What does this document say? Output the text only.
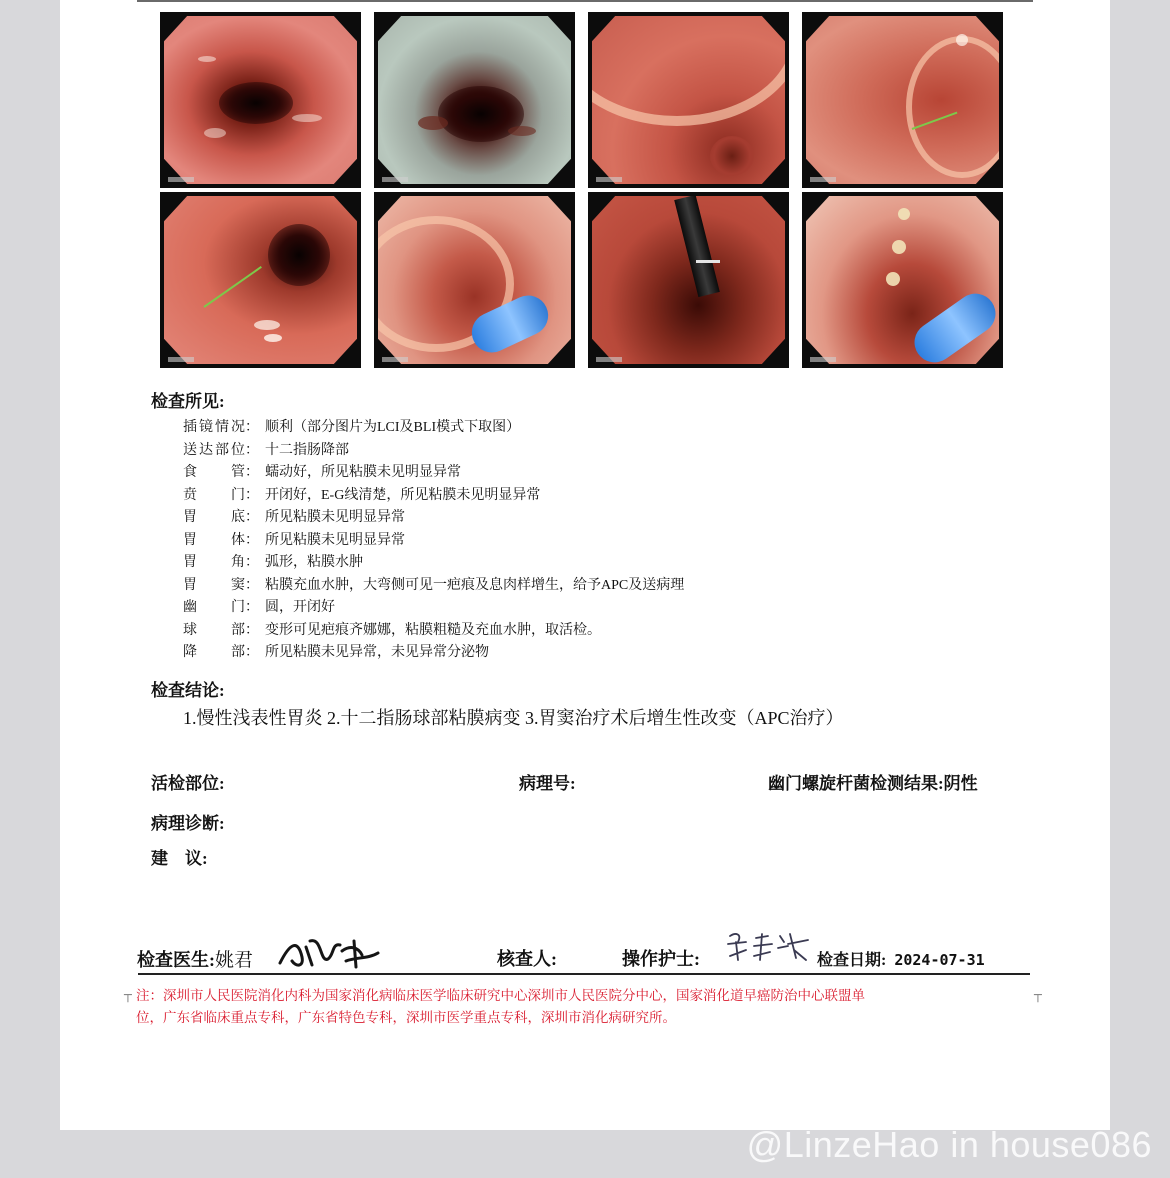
检查所见:
插镜情况： 顺利（部分图片为LCI及BLI模式下取图）
送达部位： 十二指肠降部
食管： 蠕动好，所见粘膜未见明显异常
贲门： 开闭好，E-G线清楚，所见粘膜未见明显异常
胃底： 所见粘膜未见明显异常
胃体： 所见粘膜未见明显异常
胃角： 弧形，粘膜水肿
胃窦： 粘膜充血水肿，大弯侧可见一疤痕及息肉样增生，给予APC及送病理
幽门： 圆，开闭好
球部： 变形可见疤痕齐娜娜，粘膜粗糙及充血水肿，取活检。
降部： 所见粘膜未见异常，未见异常分泌物
检查结论:
1.慢性浅表性胃炎 2.十二指肠球部粘膜病变 3.胃窦治疗术后增生性改变（APC治疗）
活检部位:	病理号:	幽门螺旋杆菌检测结果:阴性
病理诊断:
建　议:
检查医生:姚君	核查人:	操作护士:	检查日期: 2024-07-31
┬	┬
注：深圳市人民医院消化内科为国家消化病临床医学临床研究中心深圳市人民医院分中心，国家消化道早癌防治中心联盟单
位，广东省临床重点专科，广东省特色专科，深圳市医学重点专科，深圳市消化病研究所。
@LinzeHao in house086
